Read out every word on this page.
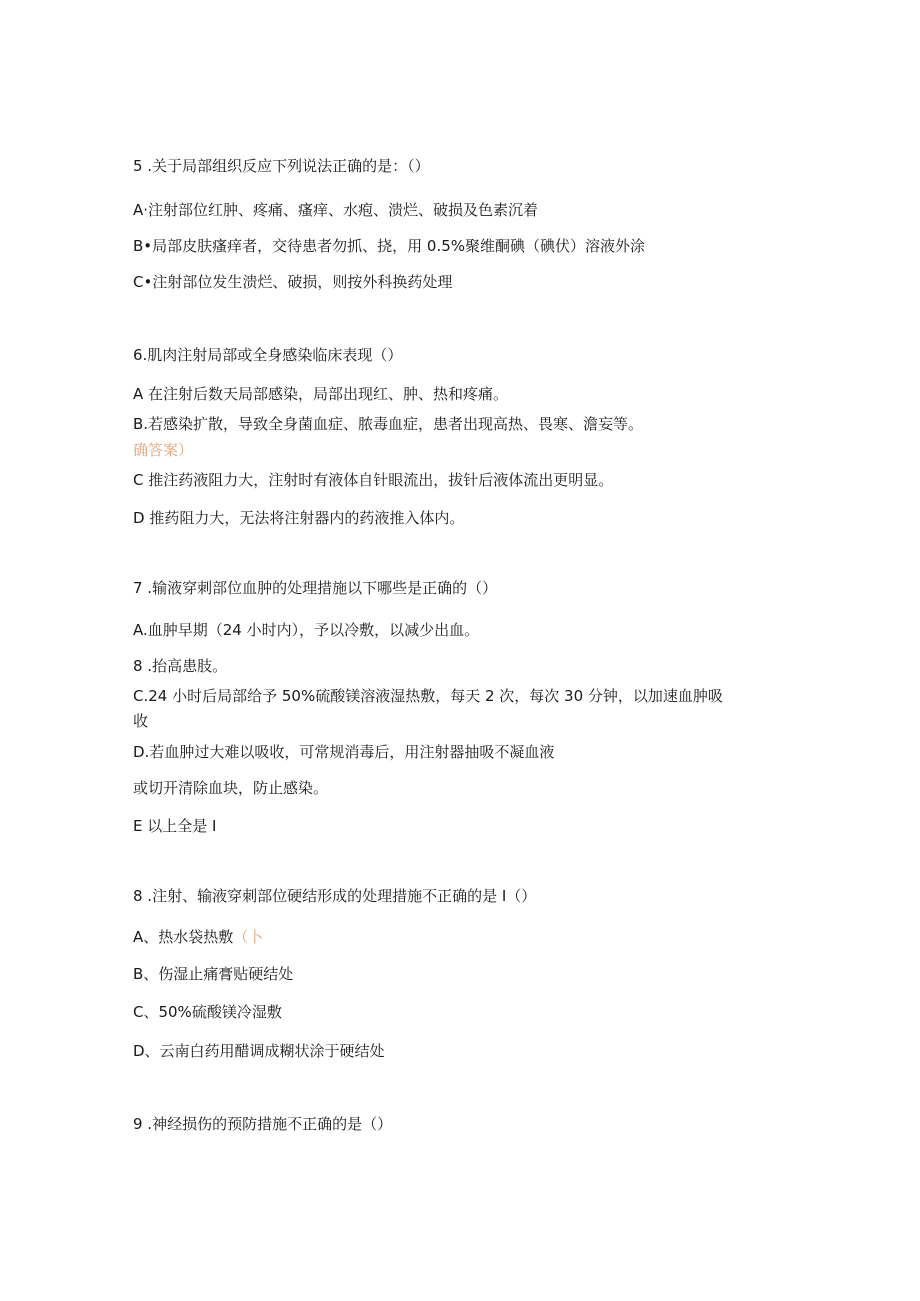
5 .关于局部组织反应下列说法正确的是：（）
A·注射部位红肿、疼痛、瘙痒、水疱、溃烂、破损及色素沉着
B•局部皮肤瘙痒者，交待患者勿抓、挠，用 0.5%聚维酮碘（碘伏）溶液外涂
C•注射部位发生溃烂、破损，则按外科换药处理
6.肌肉注射局部或全身感染临床表现（）
A 在注射后数天局部感染，局部出现红、肿、热和疼痛。
B.若感染扩散，导致全身菌血症、脓毒血症，患者出现高热、畏寒、澹妄等。
确答案）
C 推注药液阻力大，注射时有液体自针眼流出，拔针后液体流出更明显。
D 推药阻力大，无法将注射器内的药液推入体内。
7 .输液穿刺部位血肿的处理措施以下哪些是正确的（）
A.血肿早期（24 小时内），予以冷敷，以减少出血。
8 .抬高患肢。
C.24 小时后局部给予 50%硫酸镁溶液湿热敷，每天 2 次，每次 30 分钟，以加速血肿吸
收
D.若血肿过大难以吸收，可常规消毒后，用注射器抽吸不凝血液
或切开清除血块，防止感染。
E 以上全是 I
8 .注射、输液穿刺部位硬结形成的处理措施不正确的是 I（）
A、热水袋热敷（卜
B、伤湿止痛膏贴硬结处
C、50%硫酸镁冷湿敷
D、云南白药用醋调成糊状涂于硬结处
9 .神经损伤的预防措施不正确的是（）
